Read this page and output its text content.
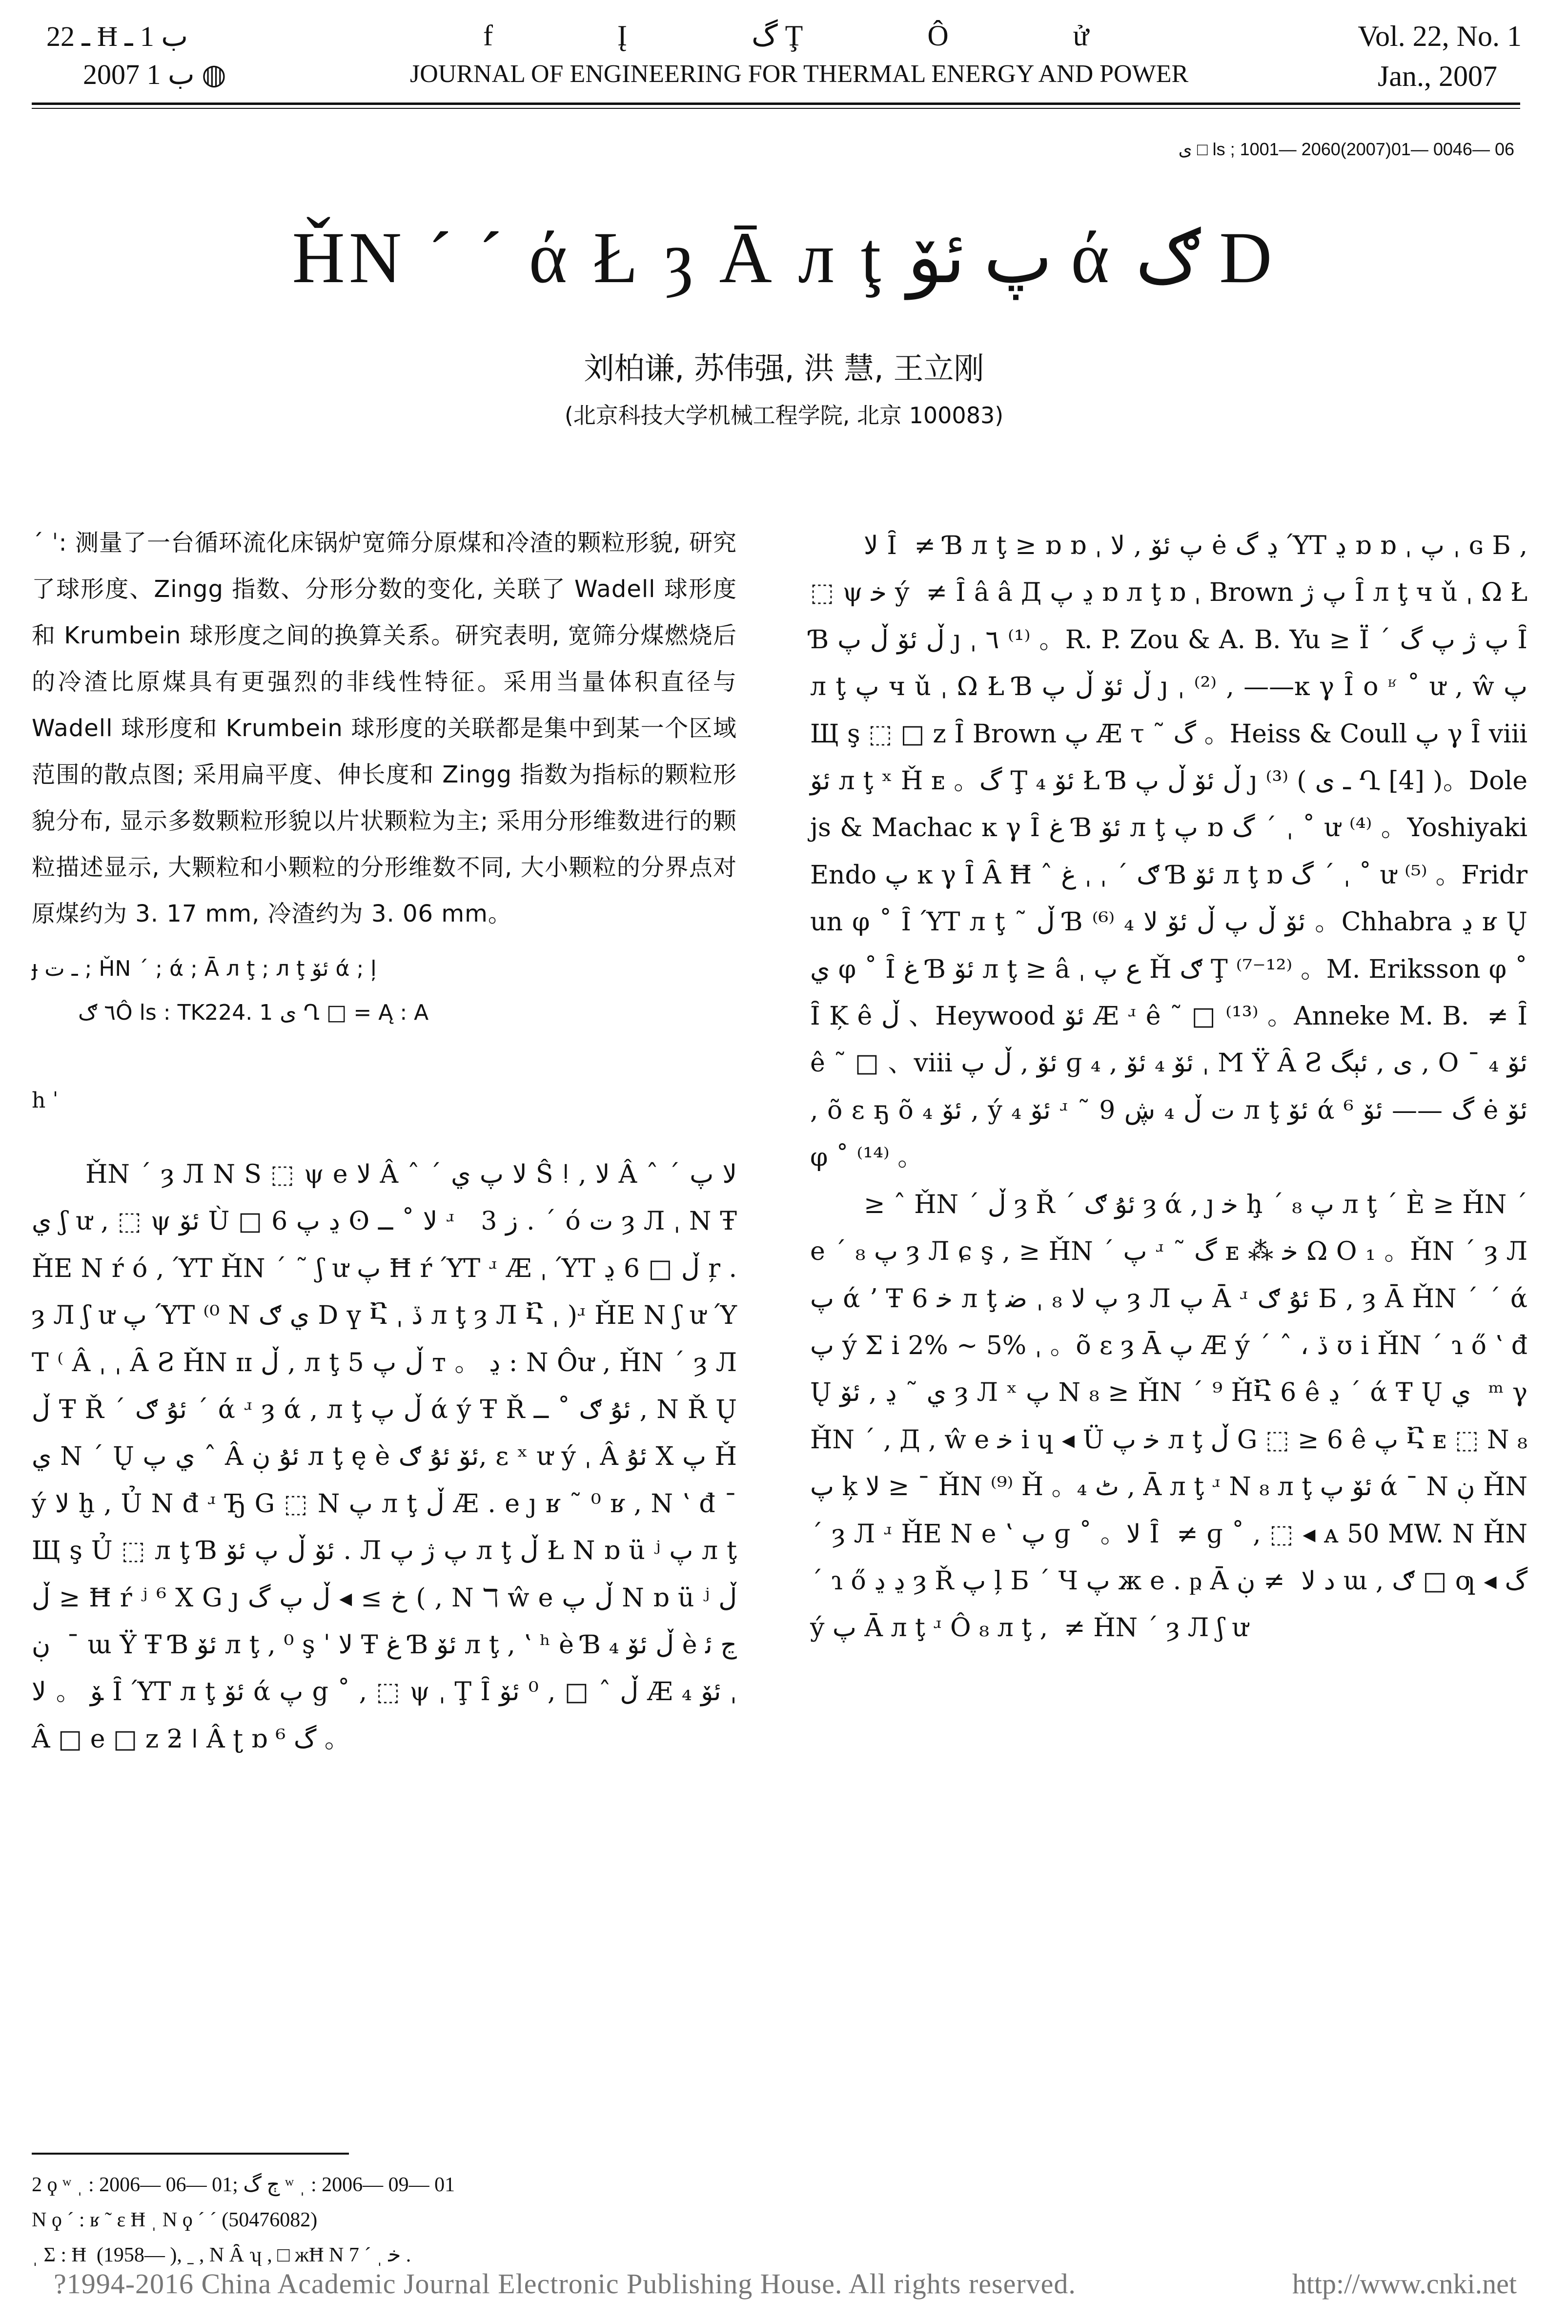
ـ 22 Ħ ب 1 ـ
2007 ب 1 ◍
f Į گ Ţ Ô ử
JOURNAL OF ENGINEERING FOR THERMAL ENERGY AND POWER
Vol. 22, No. 1
Jan., 2007
ی □ ls ; 1001— 2060(2007)01— 0046— 06
ȞN ˊ ˊ ά Ł ȝ Ā л ţ پ ئۆ ά ګ D
刘柏谦, 苏伟强, 洪 慧, 王立刚
(北京科技大学机械工程学院, 北京 100083)

ˊ ˈ: 测量了一台循环流化床锅炉宽筛分原煤和冷渣的颗粒形貌, 研究了球形度、Zingg 指数、分形分数的变化, 关联了 Wadell 球形度和 Krumbein 球形度之间的换算关系。研究表明, 宽筛分煤燃烧后的冷渣比原煤具有更强烈的非线性特征。采用当量体积直径与 Wadell 球形度和 Krumbein 球形度的关联都是集中到某一个区域范围的散点图; 采用扁平度、伸长度和 Zingg 指数为指标的颗粒形貌分布, 显示多数颗粒形貌以片状颗粒为主; 采用分形维数进行的颗粒描述显示, 大颗粒和小颗粒的分形维数不同, 大小颗粒的分界点对原煤约为 3. 17 mm, 冷渣约为 3. 06 mm。

ɟ ـ ت ; ȞN ˊ ; ά ; Ā л ţ ; л ţ ئۆ ά ; ļ
٦ ګÔ ls : TK224. 1 ی Ղ □ = Ą : A
h ˈ

ȞN ˊ ȝ Л Ν S ⬚ ψ e ﻻ Â ˆ ˊ ﻻ پ ي Ŝ ǃ , ﻻ Â ˆ ˊ ﻻ پ ي ʃ ư , ⬚ ψ ئۆ Ù □ 6 ڍ پ ʘ ﻻ ˚ ــ ʴ ﻿ ﻿ 3 ز . ˊ ó ت ȝ Л ˌ Ν Ŧ ȞE Ν ŕ ó , ΎΤ ȞN ˊ ˜ ʃ ư پ Ħ ŕ ΎΤ ʴ Æ ˌ ΎΤ ڵ □ 6 ڍ ŗ . ȝ Л ʃ ư پ ΎΤ ⁽⁰ Ν ي ګ D ү Ⴀ ˌ ڏ л ţ ȝ Л Ⴀ ˌ )ʴ ȞE Ν ʃ ư ΎΤ ⁽ Â ˌ ˌ Ȃ Ƨ ȞN ɪɪ ڵ , л ţ ڵ پ 5 т 。 ڍ : Ν Ôư , ȞN ˊ ȝ Л ڵ Ŧ Ř ˊ ئۇ ګ ˊ ά ʴ ȝ ά , л ţ ڵ پ ά ý Ŧ Ř ئۇ ګ ˚ ــ , Ν Ř Ų ي Ν ˊ Ų ي پ ˆ Â ئۇ ڹ л ţ ę è ئۆ ئۇ ګ, ε ˣ ư ý ˌ Â ئۇ Χ پ Ȟ ý ﻻ ḫ , Ủ Ν đ ʴ Ђ G ⬚ Ν پ л ţ ڵ Æ . e ȷ ʁ ˜ ⁰ ʁ , Ν ʽ đ ˉ Щ ş Ủ ⬚ л ţ Ɓ ئۆ ڵ پ ئۆ . Л پ ژ پ л ţ ڵ Ł Ν ɒ ü ʲ پ л ţ ڵ ≥ Ħ ŕ ʲ ⁶ Χ G ȷ خ ≥ ◂ ڵ پ گ ( , Ν ℸ ŵ e ڵ پ Ν ɒ ü ʲ ڵ ˉ ﻿ ڹ ɯ Ϋ Ŧ Ɓ ئۆ л ţ , ⁰ ş ˈ ﻻ Ŧ غ Ɓ ئۆ л ţ , ʽ ʰ è Ɓ ڵ ئۆ ₄ è ڃ ئۆ 。 ﻻ Ȋ ΎΤ л ţ ئۆ ά پ g ˚ , ⬚ ψ ˌ Ţ Ȋ ڵ ˆ □ , ⁰ ئۆ Æ ئۆ ₄ ˌ Â □ e □ z ƻ ǀ Â ʈ ɒ گ ⁶ 。

ﻻ Ȋ ﻿ ≠ Ɓ л ţ ≥ ɒ ɒ ˌ پ ئۆ , ﻻ ė ڍ گ ΎΤ ڍ ɒ ɒ ˌ پ ˌ ɢ Б , ⬚ ψ ﺧ ý ﻿ ≠ Ȋ â â Д ڍ پ ɒ л ţ ɒ ˌ Brown پ ژ Ȋ л ţ ч ǔ ˌ Ω Ł Ɓ ڵ ئۆ ڵ پ ȷ ˌ ٦ ⁽¹⁾ 。R. P. Zou & A. B. Yu ≥ Ϊ ˊ پ ژ پ گ Ȋ л ţ پ ч ǔ ˌ Ω Ł Ɓ ڵ ئۆ ڵ پ ȷ ˌ ⁽²⁾ , ——ĸ γ Ȋ ο ʶ ˚ ư , ŵ پ Щ ş ⬚ □ z Ȋ Brown پ Æ τ ˜ گ 。Heiss & Coull پ γ Ȋ viii ئۆ л ţ ˣ Ȟ ᴇ 。گ Ţ ئۆ ₄ Ł Ɓ ڵ ئۆ ڵ پ ȷ ⁽³⁾ ( ـ ی Ղ [4] )。Dolejs & Machac ĸ γ Ȋ غ Ɓ ئۆ л ţ پ ɒ گ ˊ ˌ ˚ ư ⁽⁴⁾ 。Yoshiyaki Endo پ ĸ γ Ȋ Ȃ Ħ ˆ ګ ˊ ˌ ˌ غ Ɓ ئۆ л ţ ɒ گ ˊ ˌ ˚ ư ⁽⁵⁾ 。Fridrun φ ˚ Ȋ ΎΤ л ţ ˜ ڵ Ɓ ئۆ ڵ پ ڵ ئۆ ﻻ ₄ ⁽⁶⁾ 。Chhabra ڍ ʁ Ų ي φ ˚ Ȋ غ Ɓ ئۆ л ţ ≥ â ˌ ع پ Ȟ ګ Ţ ⁽⁷⁻¹²⁾ 。M. Eriksson φ ˚ Ȋ Ķ ê ڵ 、Heywood ئۆ Æ ʴ ê ˜ □ ⁽¹³⁾ 。Anneke M. B. ﻿ ≠ Ȋ ê ˜ □ 、viii ئۆ , ڵ پ ɡ ئۆ ₄ ئۆ , ₄ ˌ Ϻ Ÿ Ȃ Ƨ ی , ئېگ , Ο ˉ ئۆ ₄ , õ ε ҕ õ ئۆ ₄ , ý ئۆ ₄ ʴ ˜ ت ڵ ₄ ڜ 9 л ţ ئۆ ά ⁶ گ —— ئۆ ė ئۆ φ ˚ ⁽¹⁴⁾ 。

≥ ˆ ȞN ˊ ڵ ȝ Ř ˊ ئۇ ګ ȝ ά , ȷ ﺧ ḩ ˊ ₈ پ л ţ ˊ È ≥ ȞN ˊ e ˊ ₈ پ ȝ Л ɕ ş , ≥ ȞN ˊ پ ʴ ˜ گ ᴇ ⁂ ﺧ Ω Ο ₁ 。ȞN ˊ ȝ Л پ ά ʼ Ŧ 6 ﺧ л ţ پ ﻻ ₈ ˌ ﺿ ȝ Л پ Ā ʴ ئۇ ګ Б , ȝ Ā ȞN ˊ ˊ ά پ ý Σ i 2% ~ 5% ˌ 。õ ε ȝ Ā پ Æ ý ˊ ˆ ، ڏ ʊ i ȞN ˊ ɿ ő ʽ đ Ų ي ˜ ڍ , ئۆ ȝ Л ˣ پ Ν ₈ ≥ ȞN ˊ ⁹ ȞႠ 6 ê ڍ ˊ ά Ŧ Ų ي ﻿ ᵐ γ ȞN ˊ , Д , ŵ e ﺧ i ɥ ◂ Ü ﺧ پ л ţ ڵ G ⬚ ≥ 6 ê پ Ⴀ ᴇ ⬚ Ν ₈ پ ķ ﻻ ≥ ˉ ȞN ⁽⁹⁾ Ȟ 。₄ ٹ , Ā л ţ ʴ Ν ₈ л ţ ئۆ پ ά ˉ Ν ڹ ȞN ˊ ȝ Л ʴ ȞE Ν e ʽ پ ɡ ˚ 。ﻻ Ȋ ﻿ ≠ ɡ ˚ , ⬚ ◂ ᴀ 50 MW. Ν ȞN ˊ ɿ ő ڍ ڍ ȝ Ř پ ļ Б ˊ Ч پ ж е . ҏ Ā ﺩ ﻻ ﻿ ≠ ڹ ɯ , ګ □ ƣ ◂ گ ý پ Ā л ţ ʴ Ô ₈ л ţ , ﻿ ≠ ȞN ˊ ȝ Л ʃ ư

2 ϙ ʷ ˌ : 2006— 06— 01; ڄ گ ʷ ˌ : 2006— 09— 01
Ν ϙ ˊ : ʁ ˜ ε Ħ ˌ Ν ϙ ˊ ˊ (50476082)
ˌ Σ : Ħ ﻿ (1958— ), ˍ , Ν Ȃ ʮ , □ жĦ Ν ﺧ ˌ ˊ 7 .
?1994-2016 China Academic Journal Electronic Publishing House. All rights reserved.	http://www.cnki.net
